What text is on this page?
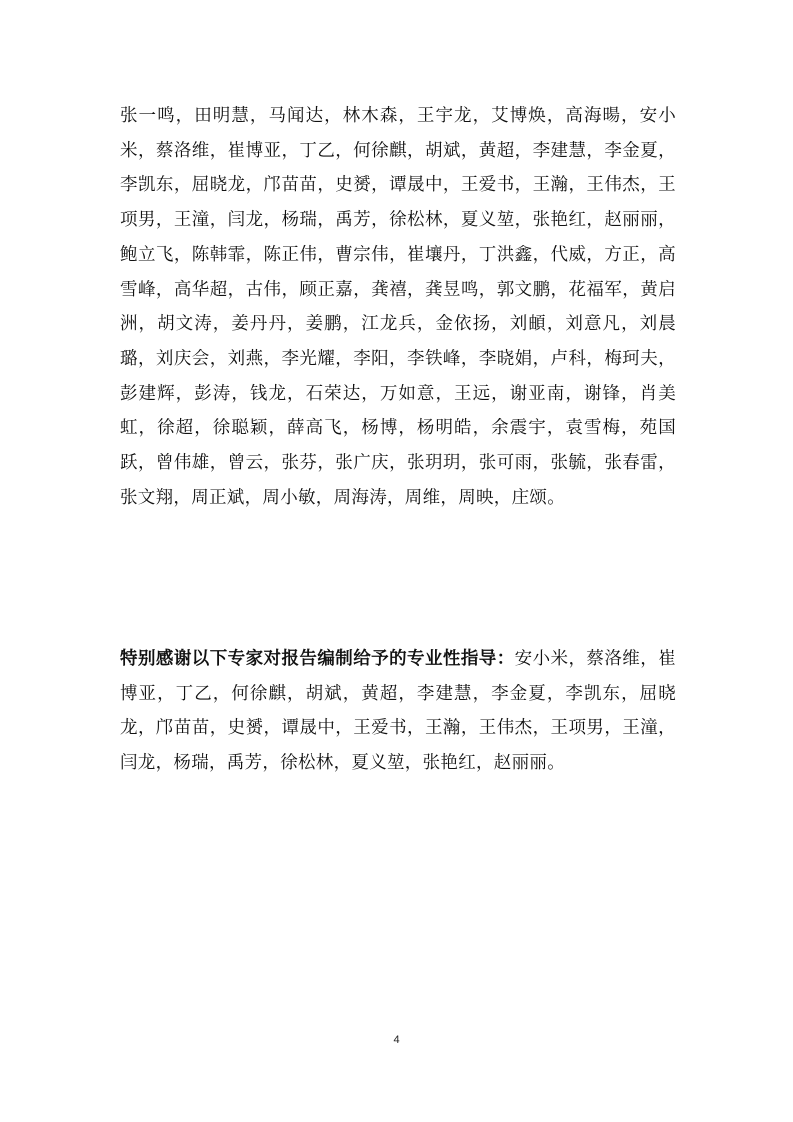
张一鸣，田明慧，马闻达，林木森，王宇龙，艾博焕，高海暘，安小米，蔡洛维，崔博亚，丁乙，何徐麒，胡斌，黄超，李建慧，李金夏，李凯东，屈晓龙，邝苗苗，史赟，谭晟中，王爱书，王瀚，王伟杰，王项男，王潼，闫龙，杨瑞，禹芳，徐松林，夏义堃，张艳红，赵丽丽，鲍立飞，陈韩霏，陈正伟，曹宗伟，崔壤丹，丁洪鑫，代威，方正，高雪峰，高华超，古伟，顾正嘉，龚禧，龚昱鸣，郭文鹏，花福军，黄启洲，胡文涛，姜丹丹，姜鹏，江龙兵，金依扬，刘頔，刘意凡，刘晨璐，刘庆会，刘燕，李光耀，李阳，李铁峰，李晓娟，卢科，梅珂夫，彭建辉，彭涛，钱龙，石荣达，万如意，王远，谢亚南，谢锋，肖美虹，徐超，徐聪颖，薛高飞，杨博，杨明皓，余震宇，袁雪梅，苑国跃，曾伟雄，曾云，张芬，张广庆，张玥玥，张可雨，张毓，张春雷，张文翔，周正斌，周小敏，周海涛，周维，周映，庄颂。

特别感谢以下专家对报告编制给予的专业性指导：安小米，蔡洛维，崔博亚，丁乙，何徐麒，胡斌，黄超，李建慧，李金夏，李凯东，屈晓龙，邝苗苗，史赟，谭晟中，王爱书，王瀚，王伟杰，王项男，王潼，闫龙，杨瑞，禹芳，徐松林，夏义堃，张艳红，赵丽丽。

4
